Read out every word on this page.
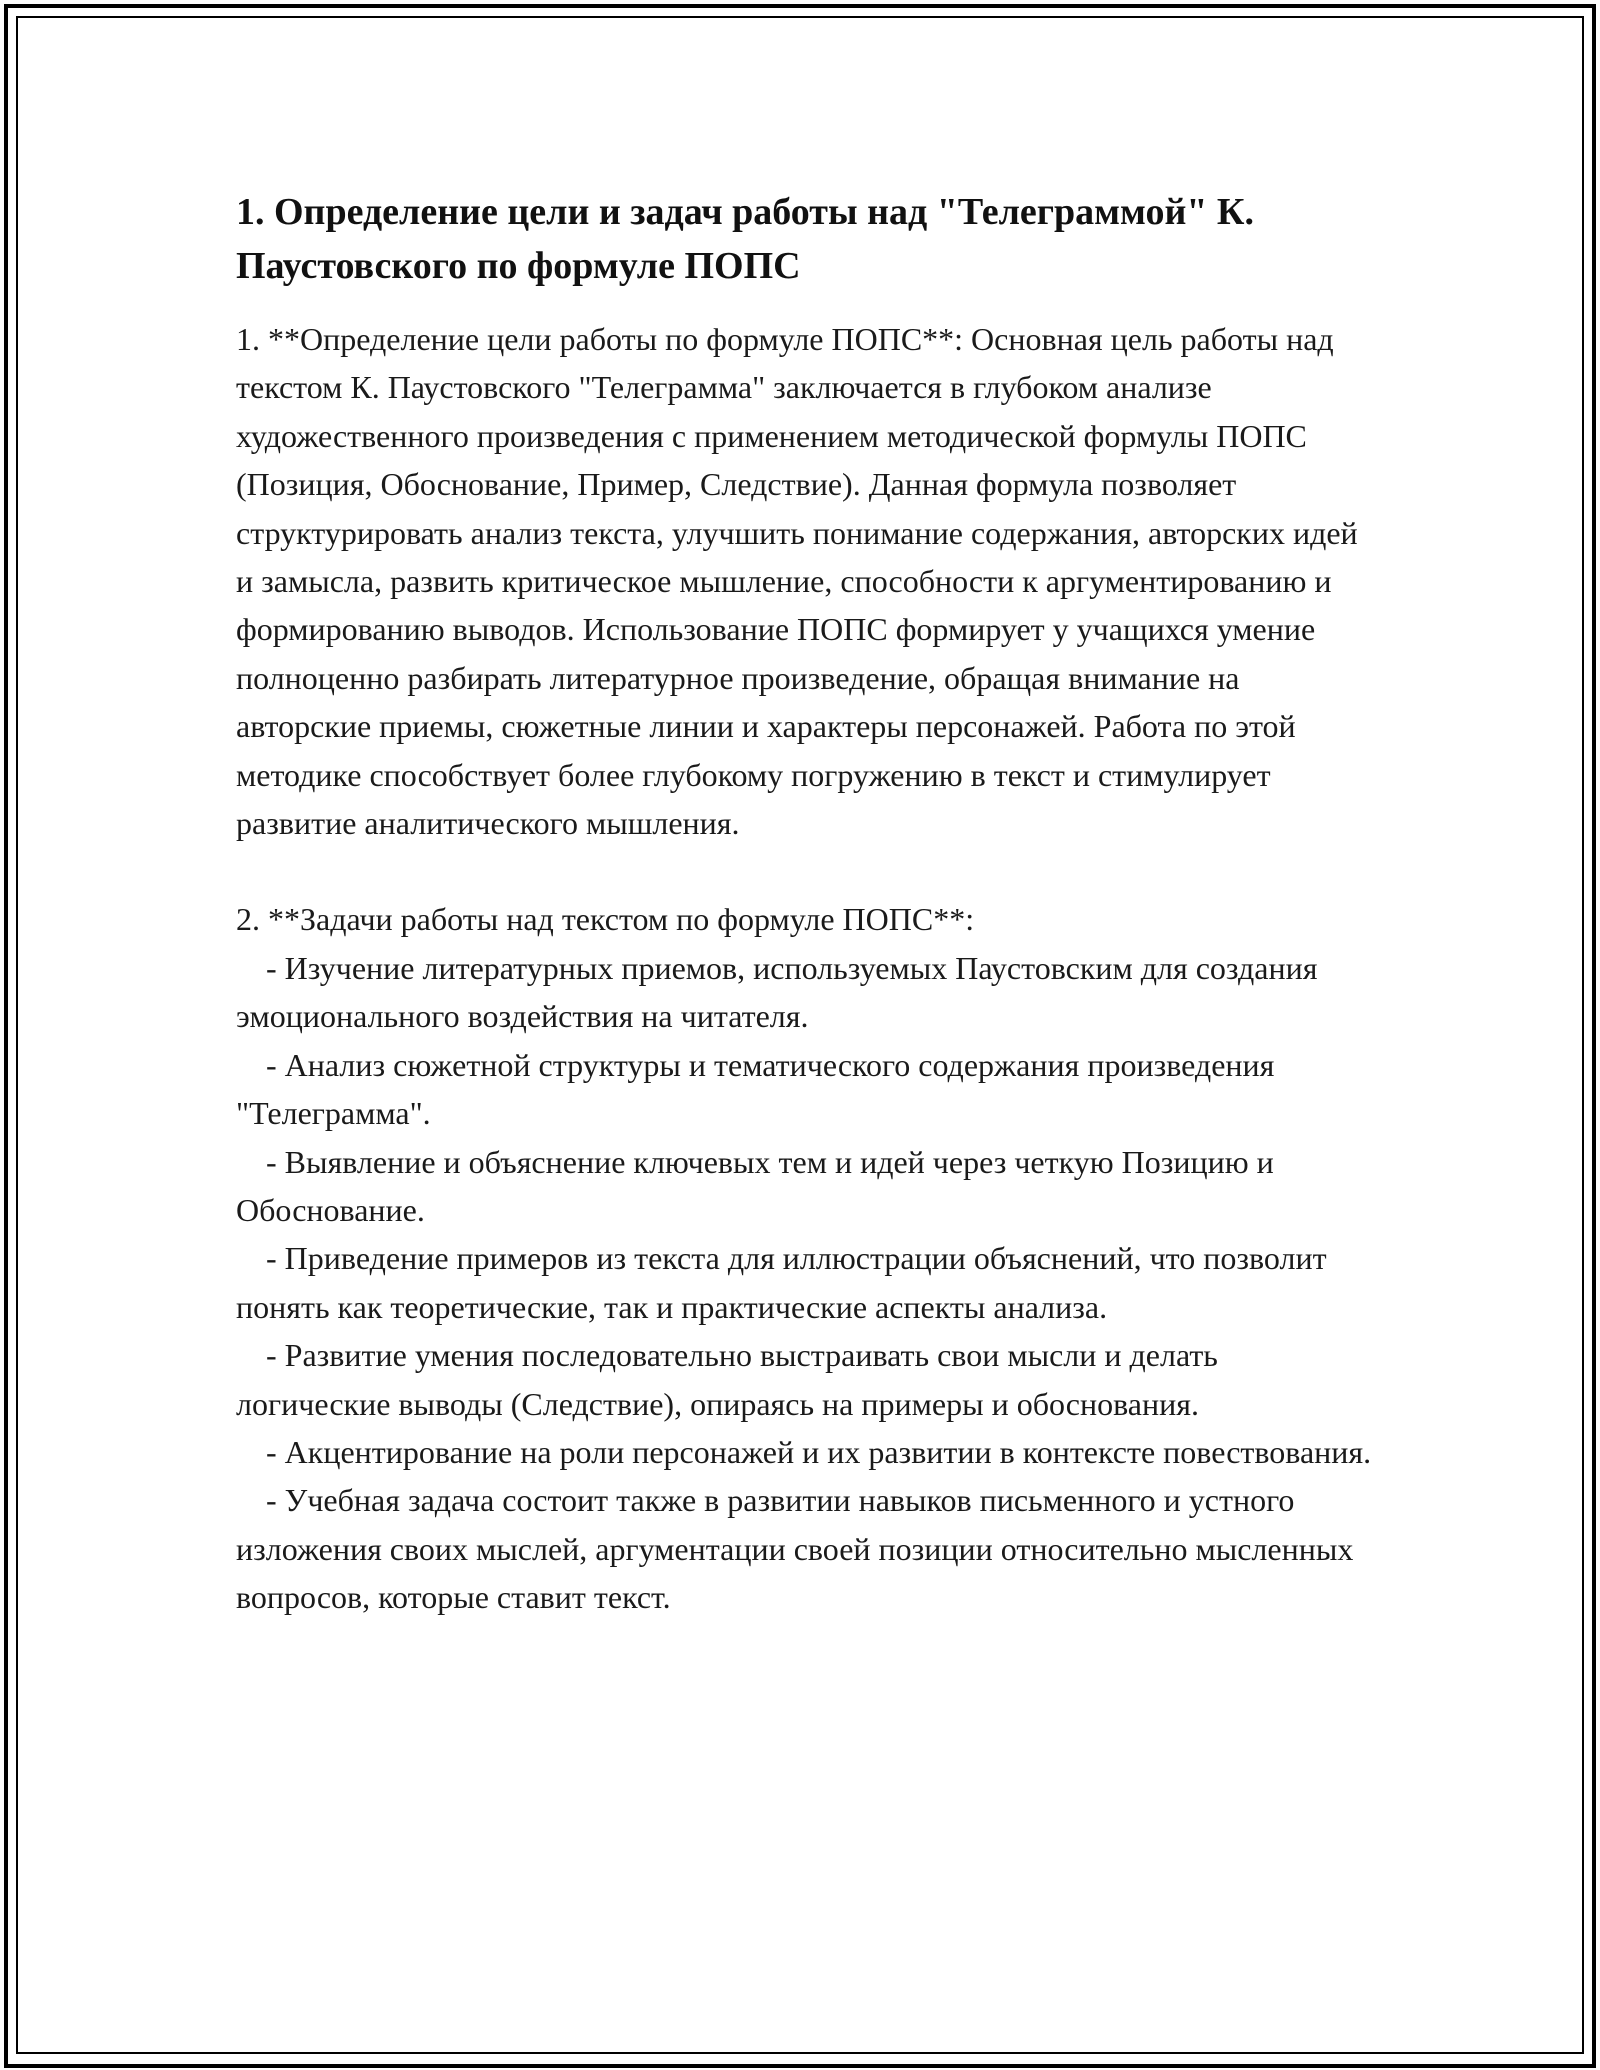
1. Определение цели и задач работы над "Телеграммой" К. Паустовского по формуле ПОПС

1. **Определение цели работы по формуле ПОПС**: Основная цель работы над текстом К. Паустовского "Телеграмма" заключается в глубоком анализе художественного произведения с применением методической формулы ПОПС (Позиция, Обоснование, Пример, Следствие). Данная формула позволяет структурировать анализ текста, улучшить понимание содержания, авторских идей и замысла, развить критическое мышление, способности к аргументированию и формированию выводов. Использование ПОПС формирует у учащихся умение полноценно разбирать литературное произведение, обращая внимание на авторские приемы, сюжетные линии и характеры персонажей. Работа по этой методике способствует более глубокому погружению в текст и стимулирует развитие аналитического мышления.

2. **Задачи работы над текстом по формуле ПОПС**:

- Изучение литературных приемов, используемых Паустовским для создания эмоционального воздействия на читателя.

- Анализ сюжетной структуры и тематического содержания произведения "Телеграмма".

- Выявление и объяснение ключевых тем и идей через четкую Позицию и Обоснование.

- Приведение примеров из текста для иллюстрации объяснений, что позволит понять как теоретические, так и практические аспекты анализа.

- Развитие умения последовательно выстраивать свои мысли и делать логические выводы (Следствие), опираясь на примеры и обоснования.

- Акцентирование на роли персонажей и их развитии в контексте повествования.

- Учебная задача состоит также в развитии навыков письменного и устного изложения своих мыслей, аргументации своей позиции относительно мысленных вопросов, которые ставит текст.
